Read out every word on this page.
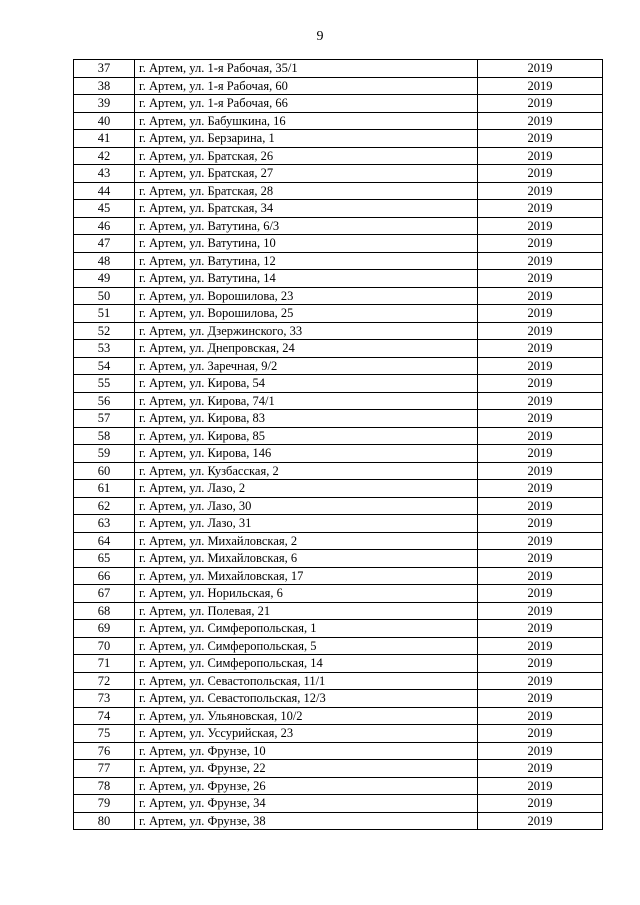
9
37	г. Артем, ул. 1-я Рабочая, 35/1	2019
38	г. Артем, ул. 1-я Рабочая, 60	2019
39	г. Артем, ул. 1-я Рабочая, 66	2019
40	г. Артем, ул. Бабушкина, 16	2019
41	г. Артем, ул. Берзарина, 1	2019
42	г. Артем, ул. Братская, 26	2019
43	г. Артем, ул. Братская, 27	2019
44	г. Артем, ул. Братская, 28	2019
45	г. Артем, ул. Братская, 34	2019
46	г. Артем, ул. Ватутина, 6/3	2019
47	г. Артем, ул. Ватутина, 10	2019
48	г. Артем, ул. Ватутина, 12	2019
49	г. Артем, ул. Ватутина, 14	2019
50	г. Артем, ул. Ворошилова, 23	2019
51	г. Артем, ул. Ворошилова, 25	2019
52	г. Артем, ул. Дзержинского, 33	2019
53	г. Артем, ул. Днепровская, 24	2019
54	г. Артем, ул. Заречная, 9/2	2019
55	г. Артем, ул. Кирова, 54	2019
56	г. Артем, ул. Кирова, 74/1	2019
57	г. Артем, ул. Кирова, 83	2019
58	г. Артем, ул. Кирова, 85	2019
59	г. Артем, ул. Кирова, 146	2019
60	г. Артем, ул. Кузбасская, 2	2019
61	г. Артем, ул. Лазо, 2	2019
62	г. Артем, ул. Лазо, 30	2019
63	г. Артем, ул. Лазо, 31	2019
64	г. Артем, ул. Михайловская, 2	2019
65	г. Артем, ул. Михайловская, 6	2019
66	г. Артем, ул. Михайловская, 17	2019
67	г. Артем, ул. Норильская, 6	2019
68	г. Артем, ул. Полевая, 21	2019
69	г. Артем, ул. Симферопольская, 1	2019
70	г. Артем, ул. Симферопольская, 5	2019
71	г. Артем, ул. Симферопольская, 14	2019
72	г. Артем, ул. Севастопольская, 11/1	2019
73	г. Артем, ул. Севастопольская, 12/3	2019
74	г. Артем, ул. Ульяновская, 10/2	2019
75	г. Артем, ул. Уссурийская, 23	2019
76	г. Артем, ул. Фрунзе, 10	2019
77	г. Артем, ул. Фрунзе, 22	2019
78	г. Артем, ул. Фрунзе, 26	2019
79	г. Артем, ул. Фрунзе, 34	2019
80	г. Артем, ул. Фрунзе, 38	2019
